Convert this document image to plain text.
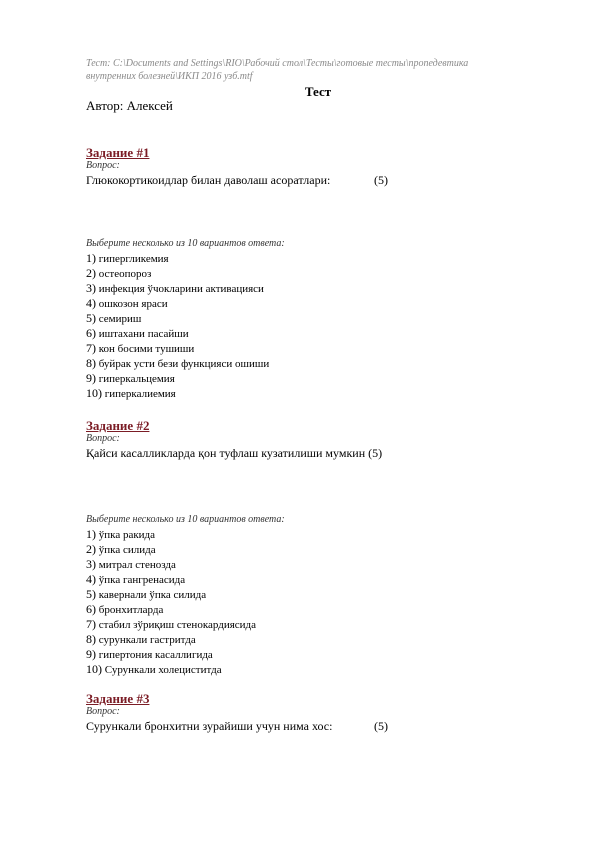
Тест: C:\Documents and Settings\RIO\Рабочий стол\Тесты\готовые тесты\пропедевтика
внутренних болезней\ИКП 2016 узб.mtf
Тест
Автор: Алексей
Задание #1
Вопрос:
Глюкокортикоидлар билан даволаш асоратлари:	(5)
Выберите несколько из 10 вариантов ответа:
1) гипергликемия
2) остеопороз
3) инфекция ўчокларини активацияси
4) ошкозон яраси
5) семириш
6) иштахани пасайши
7) кон босими тушиши
8) буйрак усти бези функцияси ошиши
9) гиперкальцемия
10) гиперкалиемия
Задание #2
Вопрос:
Қайси касалликларда қон туфлаш кузатилиши мумкин (5)
Выберите несколько из 10 вариантов ответа:
1) ўпка ракида
2) ўпка силида
3) митрал стенозда
4) ўпка гангренасида
5) кавернали ўпка силида
6) бронхитларда
7) стабил зўриқиш стенокардиясида
8) сурункали гастритда
9) гипертония касаллигида
10) Сурункали холециститда
Задание #3
Вопрос:
Сурункали бронхитни зурайиши учун нима хос:	(5)
